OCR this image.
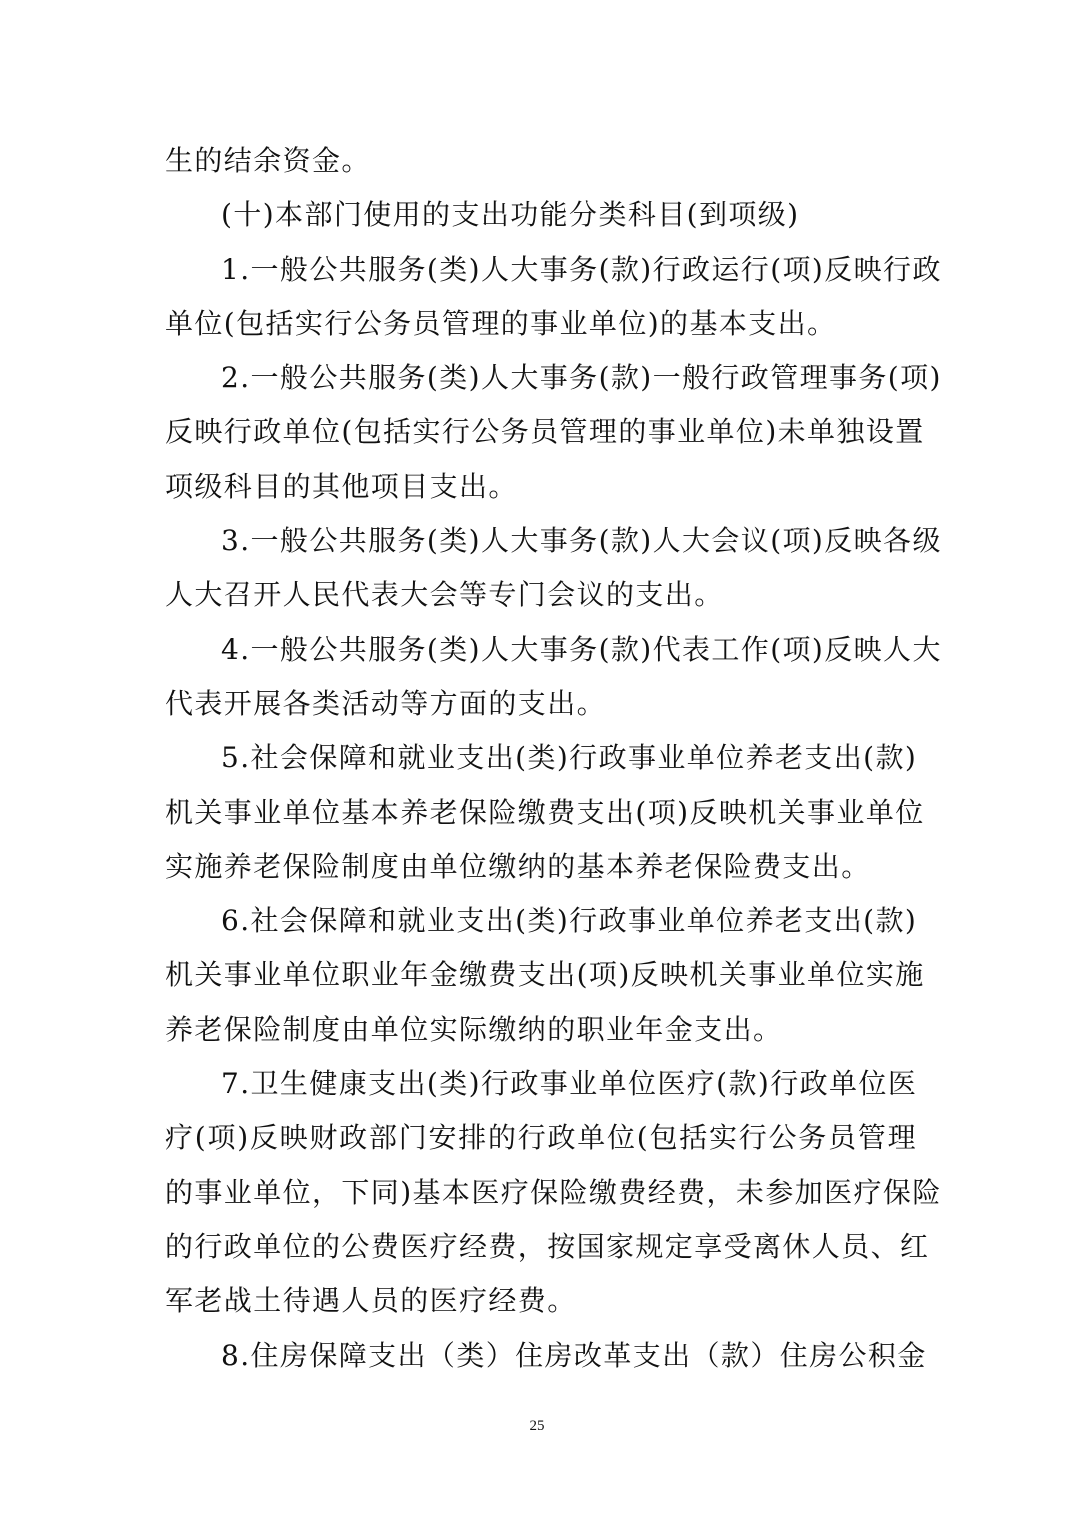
生的结余资金。
(十)本部门使用的支出功能分类科目(到项级)
1.一般公共服务(类)人大事务(款)行政运行(项)反映行政
单位(包括实行公务员管理的事业单位)的基本支出。
2.一般公共服务(类)人大事务(款)一般行政管理事务(项)
反映行政单位(包括实行公务员管理的事业单位)未单独设置
项级科目的其他项目支出。
3.一般公共服务(类)人大事务(款)人大会议(项)反映各级
人大召开人民代表大会等专门会议的支出。
4.一般公共服务(类)人大事务(款)代表工作(项)反映人大
代表开展各类活动等方面的支出。
5.社会保障和就业支出(类)行政事业单位养老支出(款)
机关事业单位基本养老保险缴费支出(项)反映机关事业单位
实施养老保险制度由单位缴纳的基本养老保险费支出。
6.社会保障和就业支出(类)行政事业单位养老支出(款)
机关事业单位职业年金缴费支出(项)反映机关事业单位实施
养老保险制度由单位实际缴纳的职业年金支出。
7.卫生健康支出(类)行政事业单位医疗(款)行政单位医
疗(项)反映财政部门安排的行政单位(包括实行公务员管理
的事业单位，下同)基本医疗保险缴费经费，未参加医疗保险
的行政单位的公费医疗经费，按国家规定享受离休人员、红
军老战土待遇人员的医疗经费。
8.住房保障支出（类）住房改革支出（款）住房公积金
25
